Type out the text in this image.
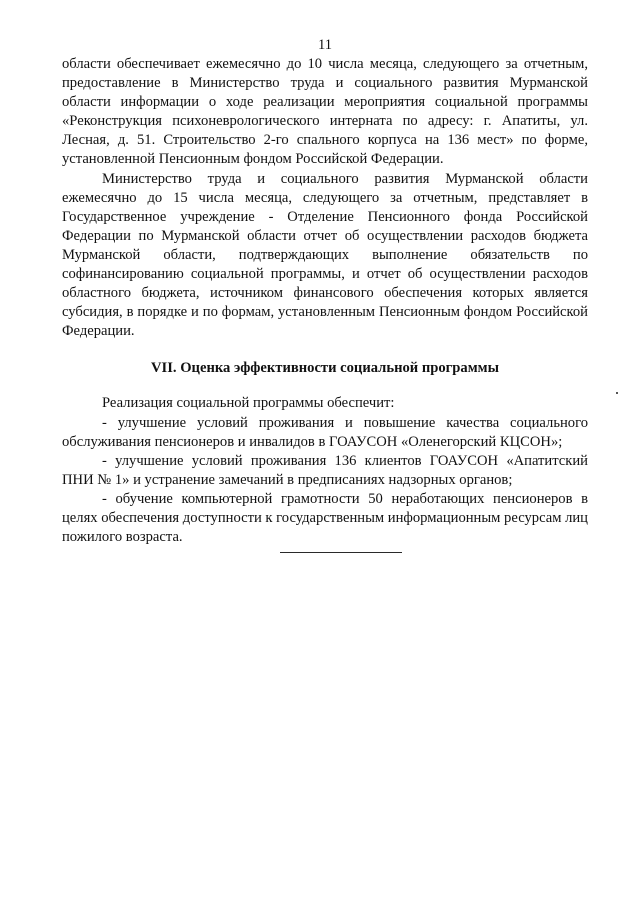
11

области обеспечивает ежемесячно до 10 числа месяца, следующего за отчетным, предоставление в Министерство труда и социального развития Мурманской области информации о ходе реализации мероприятия социальной программы «Реконструкция психоневрологического интерната по адресу: г. Апатиты, ул. Лесная, д. 51. Строительство 2-го спального корпуса на 136 мест» по форме, установленной Пенсионным фондом Российской Федерации.

Министерство труда и социального развития Мурманской области ежемесячно до 15 числа месяца, следующего за отчетным, представляет в Государственное учреждение - Отделение Пенсионного фонда Российской Федерации по Мурманской области отчет об осуществлении расходов бюджета Мурманской области, подтверждающих выполнение обязательств по софинансированию социальной программы, и отчет об осуществлении расходов областного бюджета, источником финансового обеспечения которых является субсидия, в порядке и по формам, установленным Пенсионным фондом Российской Федерации.

VII. Оценка эффективности социальной программы

Реализация социальной программы обеспечит:

- улучшение условий проживания и повышение качества социального обслуживания пенсионеров и инвалидов в ГОАУСОН «Оленегорский КЦСОН»;

- улучшение условий проживания 136 клиентов ГОАУСОН «Апатитский ПНИ № 1» и устранение замечаний в предписаниях надзорных органов;

- обучение компьютерной грамотности 50 неработающих пенсионеров в целях обеспечения доступности к государственным информационным ресурсам лиц пожилого возраста.
